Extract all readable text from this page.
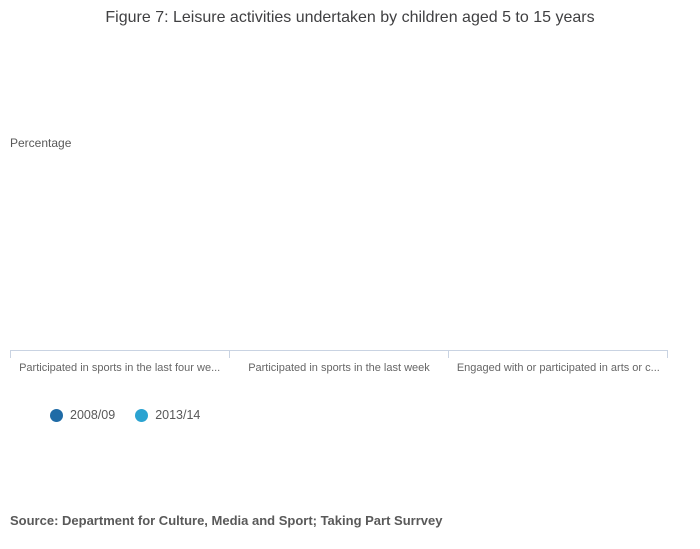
Figure 7: Leisure activities undertaken by children aged 5 to 15 years
Percentage
Participated in sports in the last four we...	Participated in sports in the last week	Engaged with or participated in arts or c...
2008/09	2013/14
Source: Department for Culture, Media and Sport; Taking Part Surrvey
